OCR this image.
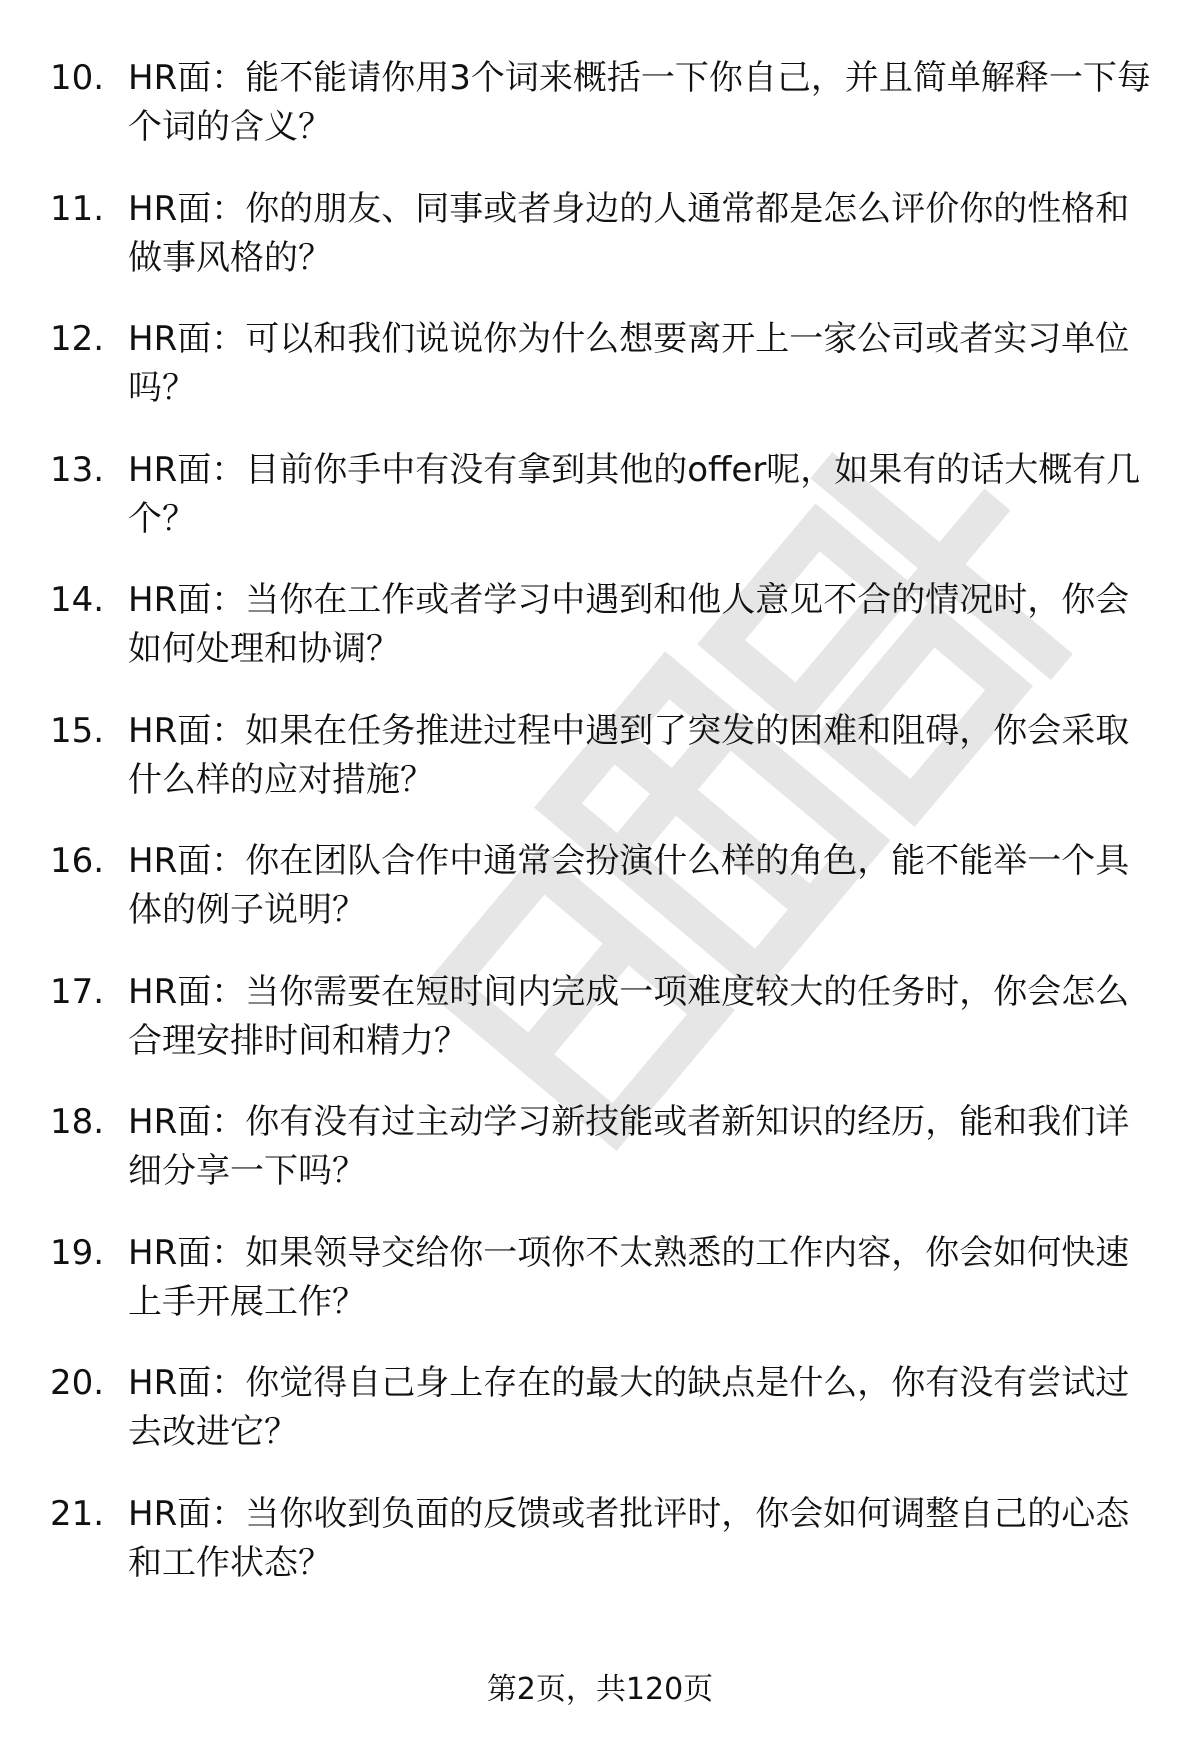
10. HR面：能不能请你用3个词来概括一下你自己，并且简单解释一下每个词的含义？
11. HR面：你的朋友、同事或者身边的人通常都是怎么评价你的性格和做事风格的？
12. HR面：可以和我们说说你为什么想要离开上一家公司或者实习单位吗？
13. HR面：目前你手中有没有拿到其他的offer呢，如果有的话大概有几个？
14. HR面：当你在工作或者学习中遇到和他人意见不合的情况时，你会如何处理和协调？
15. HR面：如果在任务推进过程中遇到了突发的困难和阻碍，你会采取什么样的应对措施？
16. HR面：你在团队合作中通常会扮演什么样的角色，能不能举一个具体的例子说明？
17. HR面：当你需要在短时间内完成一项难度较大的任务时，你会怎么合理安排时间和精力？
18. HR面：你有没有过主动学习新技能或者新知识的经历，能和我们详细分享一下吗？
19. HR面：如果领导交给你一项你不太熟悉的工作内容，你会如何快速上手开展工作？
20. HR面：你觉得自己身上存在的最大的缺点是什么，你有没有尝试过去改进它？
21. HR面：当你收到负面的反馈或者批评时，你会如何调整自己的心态和工作状态？
第2页，共120页
